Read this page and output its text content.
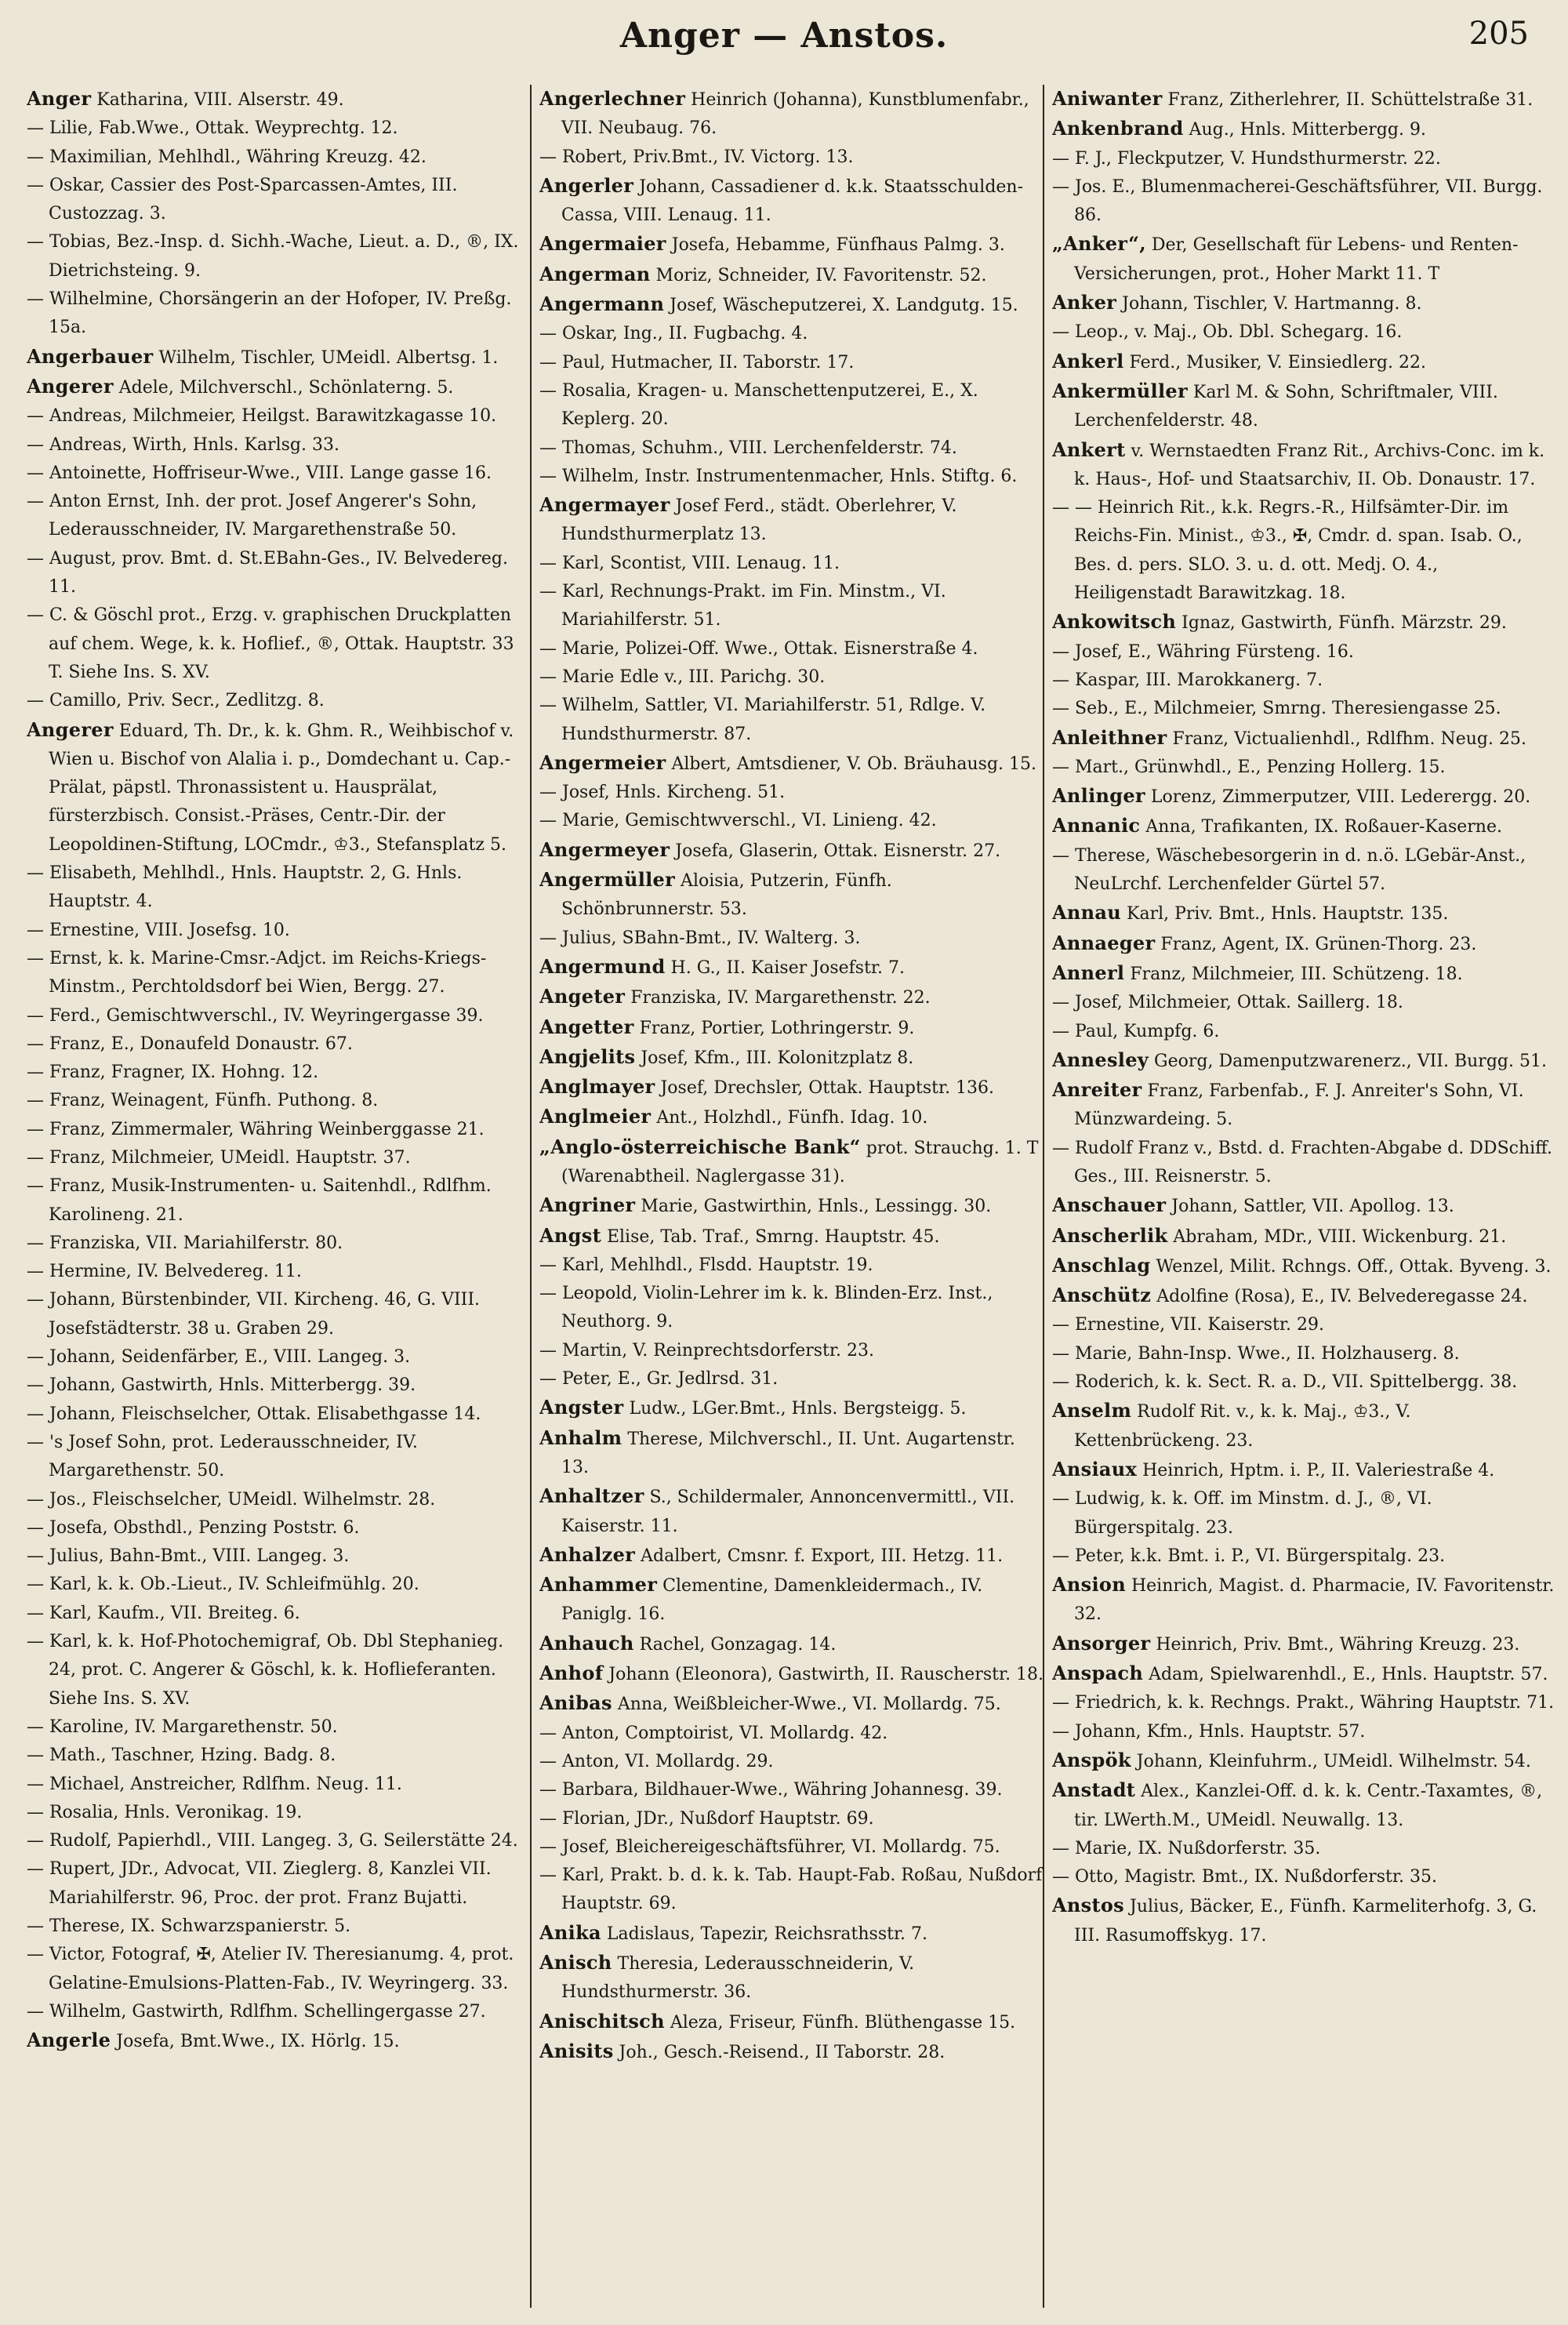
Anger — Anstos.	205

Anger Katharina, VIII. Alserstr. 49.

— Lilie, Fab.Wwe., Ottak. Weyprechtg. 12.

— Maximilian, Mehlhdl., Währing Kreuzg. 42.

— Oskar, Cassier des Post-Sparcassen-Amtes, III. Custozzag. 3.

— Tobias, Bez.-Insp. d. Sichh.-Wache, Lieut. a. D., ®, IX. Dietrichsteing. 9.

— Wilhelmine, Chorsängerin an der Hofoper, IV. Preßg. 15a.

Angerbauer Wilhelm, Tischler, UMeidl. Albertsg. 1.

Angerer Adele, Milchverschl., Schönlaterng. 5.

— Andreas, Milchmeier, Heilgst. Barawitzkagasse 10.

— Andreas, Wirth, Hnls. Karlsg. 33.

— Antoinette, Hoffriseur-Wwe., VIII. Lange gasse 16.

— Anton Ernst, Inh. der prot. Josef Angerer's Sohn, Lederausschneider, IV. Margarethenstraße 50.

— August, prov. Bmt. d. St.EBahn-Ges., IV. Belvederеg. 11.

— C. & Göschl prot., Erzg. v. graphischen Druckplatten auf chem. Wege, k. k. Hoflief., ®, Ottak. Hauptstr. 33 T. Siehe Ins. S. XV.

— Camillo, Priv. Secr., Zedlitzg. 8.

Angerer Eduard, Th. Dr., k. k. Ghm. R., Weihbischof v. Wien u. Bischof von Alalia i. p., Domdechant u. Cap.-Prälat, päpstl. Thronassistent u. Hausprälat, fürsterzbisch. Consist.-Präses, Centr.-Dir. der Leopoldinen-Stiftung, LOCmdr., ♔3., Stefansplatz 5.

— Elisabeth, Mehlhdl., Hnls. Hauptstr. 2, G. Hnls. Hauptstr. 4.

— Ernestine, VIII. Josefsg. 10.

— Ernst, k. k. Marine-Cmsr.-Adjct. im Reichs-Kriegs-Minstm., Perchtoldsdorf bei Wien, Bergg. 27.

— Ferd., Gemischtwverschl., IV. Weyringergasse 39.

— Franz, E., Donaufeld Donaustr. 67.

— Franz, Fragner, IX. Hohng. 12.

— Franz, Weinagent, Fünfh. Puthong. 8.

— Franz, Zimmermaler, Währing Weinberggasse 21.

— Franz, Milchmeier, UMeidl. Hauptstr. 37.

— Franz, Musik-Instrumenten- u. Saitenhdl., Rdlfhm. Karolineng. 21.

— Franziska, VII. Mariahilferstr. 80.

— Hermine, IV. Belvederеg. 11.

— Johann, Bürstenbinder, VII. Kircheng. 46, G. VIII. Josefstädterstr. 38 u. Graben 29.

— Johann, Seidenfärber, E., VIII. Langeg. 3.

— Johann, Gastwirth, Hnls. Mitterbergg. 39.

— Johann, Fleischselcher, Ottak. Elisabethgasse 14.

— 's Josef Sohn, prot. Lederausschneider, IV. Margarethenstr. 50.

— Jos., Fleischselcher, UMeidl. Wilhelmstr. 28.

— Josefa, Obsthdl., Penzing Poststr. 6.

— Julius, Bahn-Bmt., VIII. Langeg. 3.

— Karl, k. k. Ob.-Lieut., IV. Schleifmühlg. 20.

— Karl, Kaufm., VII. Breiteg. 6.

— Karl, k. k. Hof-Photochemigraf, Ob. Dbl Stephanieg. 24, prot. C. Angerer & Göschl, k. k. Hoflieferanten. Siehe Ins. S. XV.

— Karoline, IV. Margarethenstr. 50.

— Math., Taschner, Hzing. Badg. 8.

— Michael, Anstreicher, Rdlfhm. Neug. 11.

— Rosalia, Hnls. Veronikag. 19.

— Rudolf, Papierhdl., VIII. Langeg. 3, G. Seilerstätte 24.

— Rupert, JDr., Advocat, VII. Zieglerg. 8, Kanzlei VII. Mariahilferstr. 96, Proc. der prot. Franz Bujatti.

— Therese, IX. Schwarzspanierstr. 5.

— Victor, Fotograf, ✠, Atelier IV. Theresianumg. 4, prot. Gelatine-Emulsions-Platten-Fab., IV. Weyringerg. 33.

— Wilhelm, Gastwirth, Rdlfhm. Schellingergasse 27.

Angerle Josefa, Bmt.Wwe., IX. Hörlg. 15.

Angerlechner Heinrich (Johanna), Kunstblumenfabr., VII. Neubaug. 76.

— Robert, Priv.Bmt., IV. Victorg. 13.

Angerler Johann, Cassadiener d. k.k. Staatsschulden-Cassa, VIII. Lenaug. 11.

Angermaier Josefa, Hebamme, Fünfhaus Palmg. 3.

Angerman Moriz, Schneider, IV. Favoritenstr. 52.

Angermann Josef, Wäscheputzerei, X. Landgutg. 15.

— Oskar, Ing., II. Fugbachg. 4.

— Paul, Hutmacher, II. Taborstr. 17.

— Rosalia, Kragen- u. Manschettenputzerei, E., X. Keplerg. 20.

— Thomas, Schuhm., VIII. Lerchenfelderstr. 74.

— Wilhelm, Instr. Instrumentenmacher, Hnls. Stiftg. 6.

Angermayer Josef Ferd., städt. Oberlehrer, V. Hundsthurmerplatz 13.

— Karl, Scontist, VIII. Lenaug. 11.

— Karl, Rechnungs-Prakt. im Fin. Minstm., VI. Mariahilferstr. 51.

— Marie, Polizei-Off. Wwe., Ottak. Eisnerstraße 4.

— Marie Edle v., III. Parichg. 30.

— Wilhelm, Sattler, VI. Mariahilferstr. 51, Rdlge. V. Hundsthurmerstr. 87.

Angermeier Albert, Amtsdiener, V. Ob. Bräuhausg. 15.

— Josef, Hnls. Kircheng. 51.

— Marie, Gemischtwverschl., VI. Linieng. 42.

Angermeyer Josefa, Glaserin, Ottak. Eisnerstr. 27.

Angermüller Aloisia, Putzerin, Fünfh. Schönbrunnerstr. 53.

— Julius, SBahn-Bmt., IV. Walterg. 3.

Angermund H. G., II. Kaiser Josefstr. 7.

Angeter Franziska, IV. Margarethenstr. 22.

Angetter Franz, Portier, Lothringerstr. 9.

Angjelits Josef, Kfm., III. Kolonitzplatz 8.

Anglmayer Josef, Drechsler, Ottak. Hauptstr. 136.

Anglmeier Ant., Holzhdl., Fünfh. Idag. 10.

„Anglo-österreichische Bank“ prot. Strauchg. 1. T (Warenabtheil. Naglergasse 31).

Angriner Marie, Gastwirthin, Hnls., Lessingg. 30.

Angst Elise, Tab. Traf., Smrng. Hauptstr. 45.

— Karl, Mehlhdl., Flsdd. Hauptstr. 19.

— Leopold, Violin-Lehrer im k. k. Blinden-Erz. Inst., Neuthorg. 9.

— Martin, V. Reinprechtsdorferstr. 23.

— Peter, E., Gr. Jedlrsd. 31.

Angster Ludw., LGer.Bmt., Hnls. Bergsteigg. 5.

Anhalm Therese, Milchverschl., II. Unt. Augartenstr. 13.

Anhaltzer S., Schildermaler, Annoncenvermittl., VII. Kaiserstr. 11.

Anhalzer Adalbert, Cmsnr. f. Export, III. Hetzg. 11.

Anhammer Clementine, Damenkleidermach., IV. Paniglg. 16.

Anhauch Rachel, Gonzagag. 14.

Anhof Johann (Eleonora), Gastwirth, II. Rauscherstr. 18.

Anibas Anna, Weißbleicher-Wwe., VI. Mollardg. 75.

— Anton, Comptoirist, VI. Mollardg. 42.

— Anton, VI. Mollardg. 29.

— Barbara, Bildhauer-Wwe., Währing Johannesg. 39.

— Florian, JDr., Nußdorf Hauptstr. 69.

— Josef, Bleichereigeschäftsführer, VI. Mollardg. 75.

— Karl, Prakt. b. d. k. k. Tab. Haupt-Fab. Roßau, Nußdorf Hauptstr. 69.

Anika Ladislaus, Tapezir, Reichsrathsstr. 7.

Anisch Theresia, Lederausschneiderin, V. Hundsthurmerstr. 36.

Anischitsch Aleza, Friseur, Fünfh. Blüthengasse 15.

Anisits Joh., Gesch.-Reisend., II Taborstr. 28.

Aniwanter Franz, Zitherlehrer, II. Schüttelstraße 31.

Ankenbrand Aug., Hnls. Mitterbergg. 9.

— F. J., Fleckputzer, V. Hundsthurmerstr. 22.

— Jos. E., Blumenmacherei-Geschäftsführer, VII. Burgg. 86.

„Anker“, Der, Gesellschaft für Lebens- und Renten-Versicherungen, prot., Hoher Markt 11. T

Anker Johann, Tischler, V. Hartmanng. 8.

— Leop., v. Maj., Ob. Dbl. Schegarg. 16.

Ankerl Ferd., Musiker, V. Einsiedlerg. 22.

Ankermüller Karl M. & Sohn, Schriftmaler, VIII. Lerchenfelderstr. 48.

Ankert v. Wernstaedten Franz Rit., Archivs-Conc. im k. k. Haus-, Hof- und Staatsarchiv, II. Ob. Donaustr. 17.

— — Heinrich Rit., k.k. Regrs.-R., Hilfsämter-Dir. im Reichs-Fin. Minist., ♔3., ✠, Cmdr. d. span. Isab. O., Bes. d. pers. SLO. 3. u. d. ott. Medj. O. 4., Heiligenstadt Barawitzkag. 18.

Ankowitsch Ignaz, Gastwirth, Fünfh. Märzstr. 29.

— Josef, E., Währing Fürsteng. 16.

— Kaspar, III. Marokkanerg. 7.

— Seb., E., Milchmeier, Smrng. Theresiengasse 25.

Anleithner Franz, Victualienhdl., Rdlfhm. Neug. 25.

— Mart., Grünwhdl., E., Penzing Hollerg. 15.

Anlinger Lorenz, Zimmerputzer, VIII. Lederergg. 20.

Annanic Anna, Trafikanten, IX. Roßauer-Kaserne.

— Therese, Wäschebesorgerin in d. n.ö. LGebär-Anst., NeuLrchf. Lerchenfelder Gürtel 57.

Annau Karl, Priv. Bmt., Hnls. Hauptstr. 135.

Annaeger Franz, Agent, IX. Grünen-Thorg. 23.

Annerl Franz, Milchmeier, III. Schützeng. 18.

— Josef, Milchmeier, Ottak. Saillerg. 18.

— Paul, Kumpfg. 6.

Annesley Georg, Damenputzwarenerz., VII. Burgg. 51.

Anreiter Franz, Farbenfab., F. J. Anreiter's Sohn, VI. Münzwardeing. 5.

— Rudolf Franz v., Bstd. d. Frachten-Abgabe d. DDSchiff. Ges., III. Reisnerstr. 5.

Anschauer Johann, Sattler, VII. Apollog. 13.

Anscherlik Abraham, MDr., VIII. Wickenburg. 21.

Anschlag Wenzel, Milit. Rchngs. Off., Ottak. Byveng. 3.

Anschütz Adolfine (Rosa), E., IV. Belvederegasse 24.

— Ernestine, VII. Kaiserstr. 29.

— Marie, Bahn-Insp. Wwe., II. Holzhauserg. 8.

— Roderich, k. k. Sect. R. a. D., VII. Spittelbergg. 38.

Anselm Rudolf Rit. v., k. k. Maj., ♔3., V. Kettenbrückeng. 23.

Ansiaux Heinrich, Hptm. i. P., II. Valeriestraße 4.

— Ludwig, k. k. Off. im Minstm. d. J., ®, VI. Bürgerspitalg. 23.

— Peter, k.k. Bmt. i. P., VI. Bürgerspitalg. 23.

Ansion Heinrich, Magist. d. Pharmacie, IV. Favoritenstr. 32.

Ansorger Heinrich, Priv. Bmt., Währing Kreuzg. 23.

Anspach Adam, Spielwarenhdl., E., Hnls. Hauptstr. 57.

— Friedrich, k. k. Rechngs. Prakt., Währing Hauptstr. 71.

— Johann, Kfm., Hnls. Hauptstr. 57.

Anspök Johann, Kleinfuhrm., UMeidl. Wilhelmstr. 54.

Anstadt Alex., Kanzlei-Off. d. k. k. Centr.-Taxamtes, ®, tir. LWerth.M., UMeidl. Neuwallg. 13.

— Marie, IX. Nußdorferstr. 35.

— Otto, Magistr. Bmt., IX. Nußdorferstr. 35.

Anstos Julius, Bäcker, E., Fünfh. Karmeliterhofg. 3, G. III. Rasumoffskyg. 17.
